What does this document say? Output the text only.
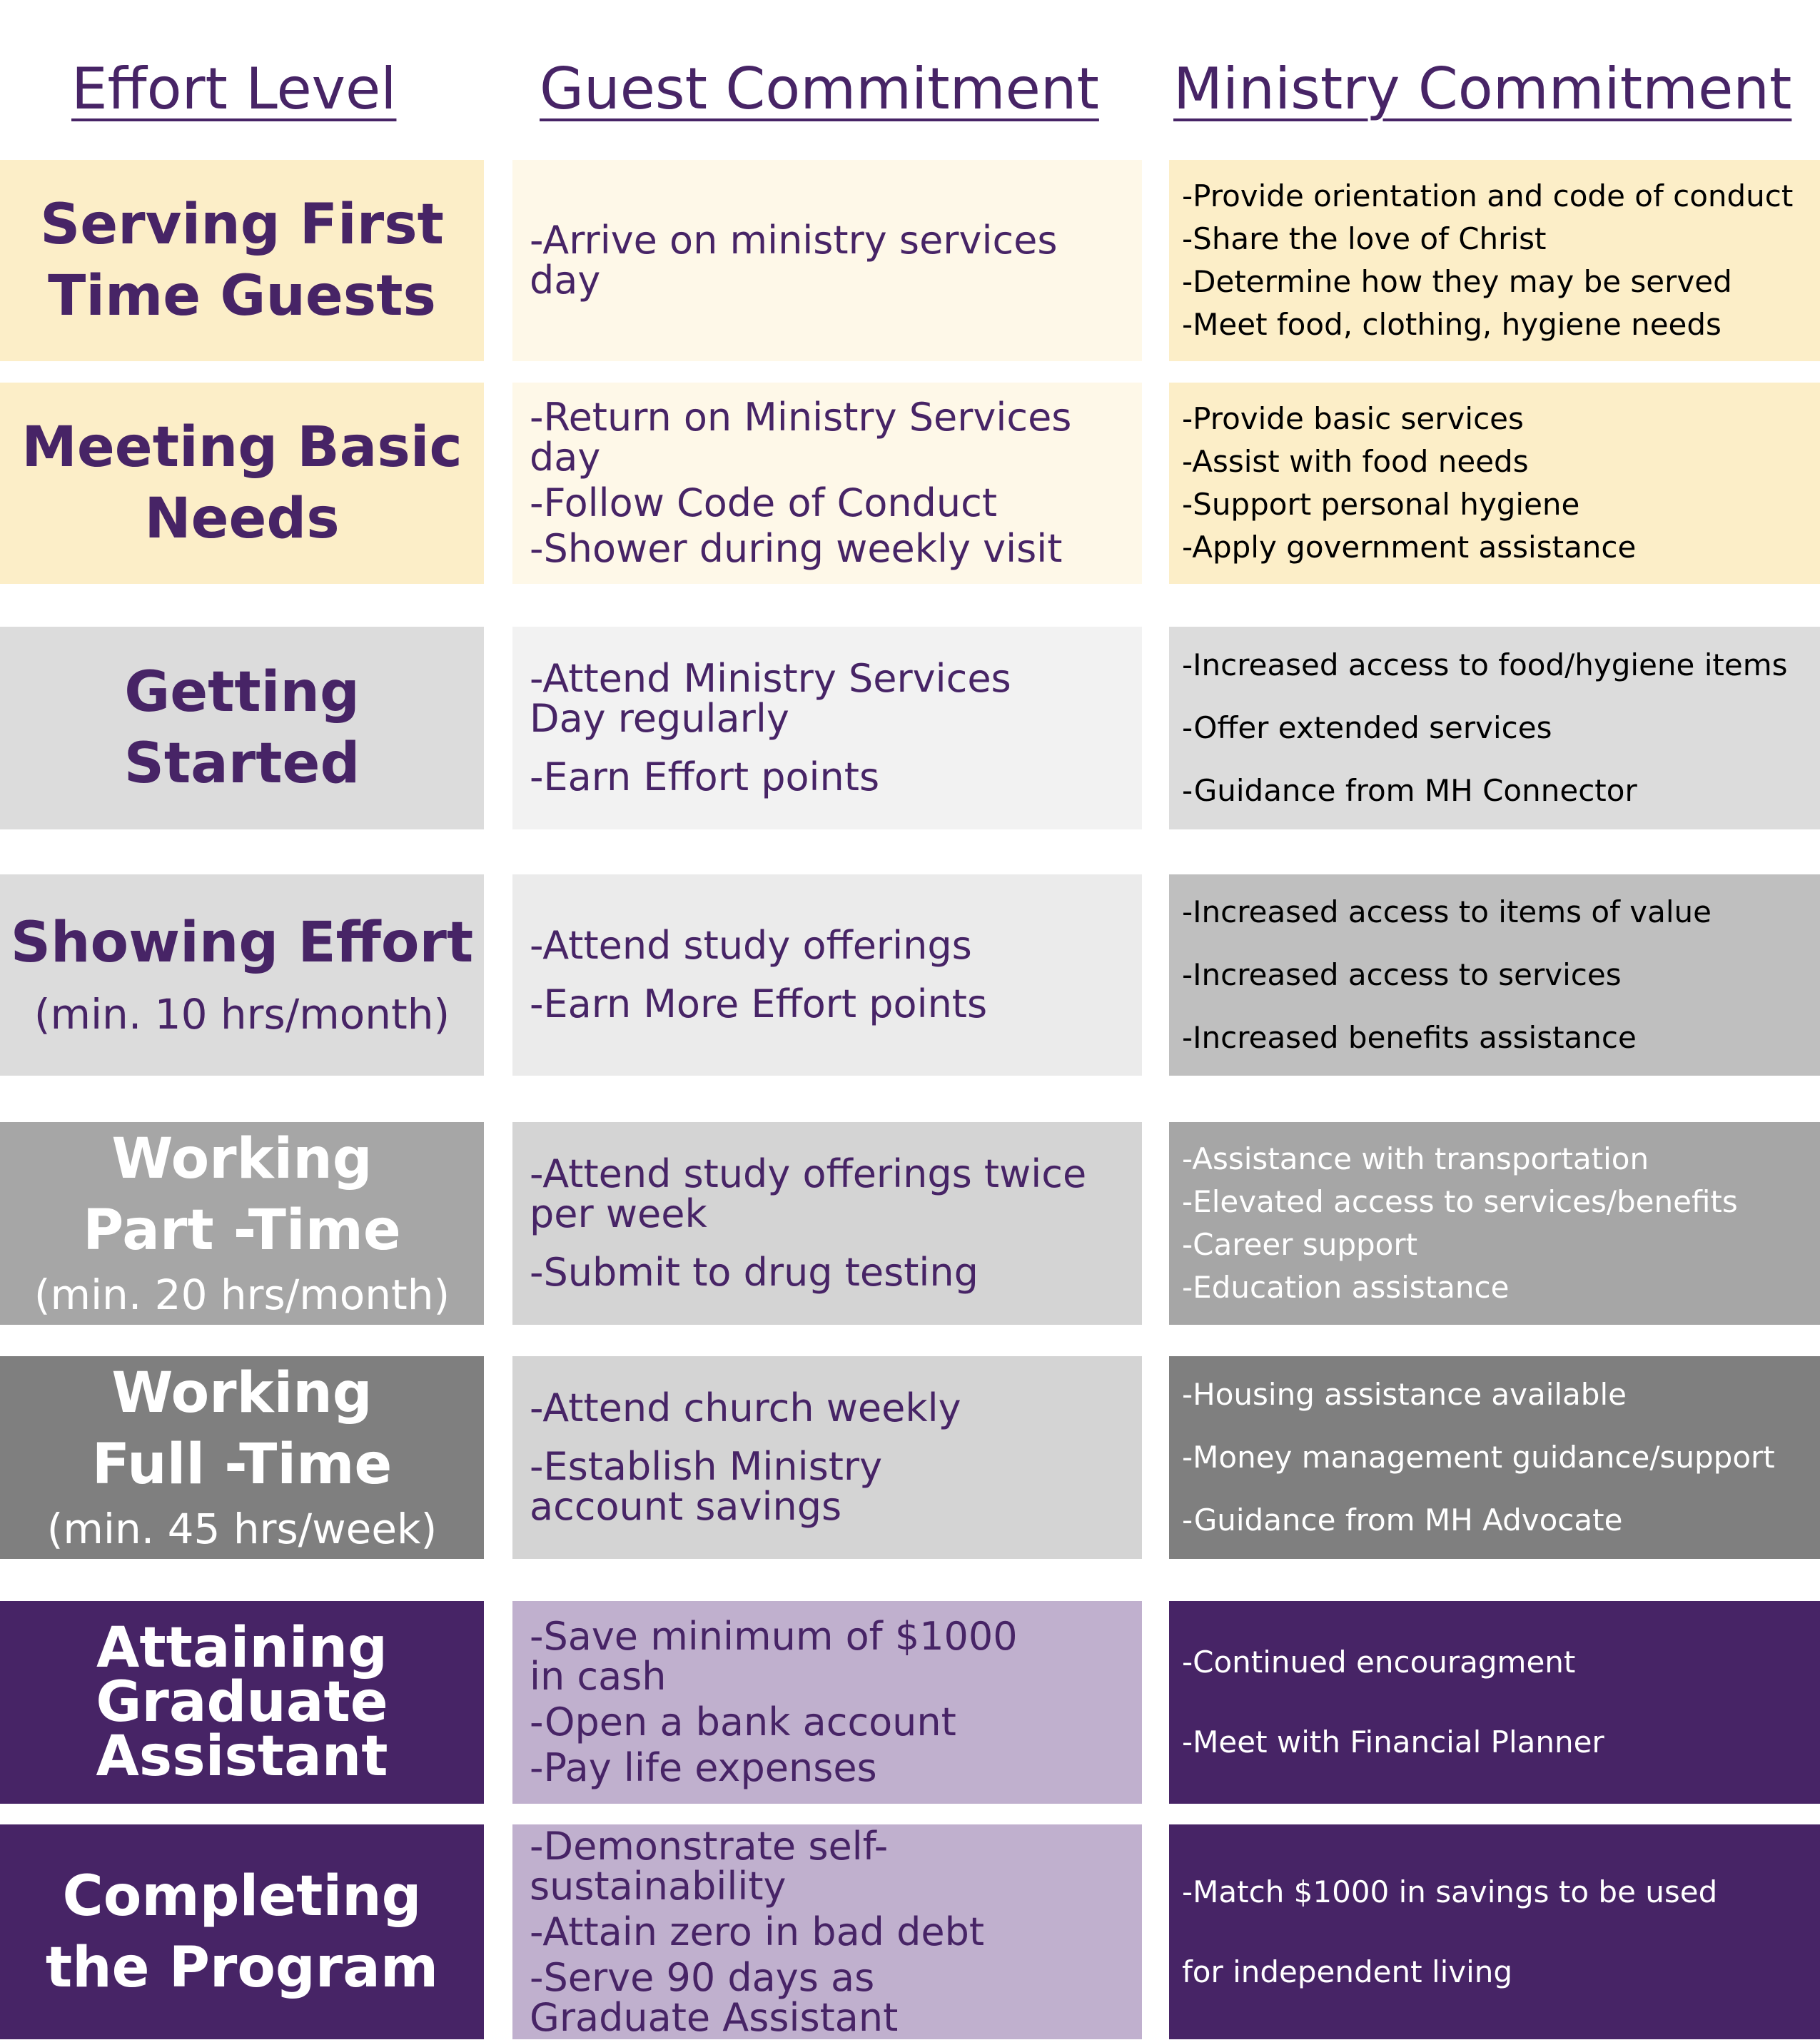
Effort Level	Guest Commitment Ministry Commitment
Serving First
Time Guests
-Arrive on ministry services day
-Provide orientation and code of conduct
-Share the love of Christ
-Determine how they may be served
-Meet food, clothing, hygiene needs
Meeting Basic
Needs
-Return on Ministry Services day
-Follow Code of Conduct
-Shower during weekly visit
-Provide basic services
-Assist with food needs
-Support personal hygiene
-Apply government assistance
Getting
Started
-Attend Ministry Services
Day regularly
-Earn Effort points
-Increased access to food/hygiene items
-Offer extended services
-Guidance from MH Connector
Showing Effort
(min. 10 hrs/month)
-Attend study offerings
-Earn More Effort points
-Increased access to items of value
-Increased access to services
-Increased benefits assistance
Working
Part -Time
(min. 20 hrs/month)
-Attend study offerings twice
per week
-Submit to drug testing
-Assistance with transportation
-Elevated access to services/benefits
-Career support
-Education assistance
Working
Full -Time
(min. 45 hrs/week)
-Attend church weekly
-Establish Ministry
account savings
-Housing assistance available
-Money management guidance/support
-Guidance from MH Advocate
Attaining
Graduate
Assistant
-Save minimum of $1000
in cash
-Open a bank account
-Pay life expenses
-Continued encouragment
-Meet with Financial Planner
Completing
the Program
-Demonstrate self-sustainability
-Attain zero in bad debt
-Serve 90 days as
Graduate Assistant
-Match $1000 in savings to be used
for independent living
